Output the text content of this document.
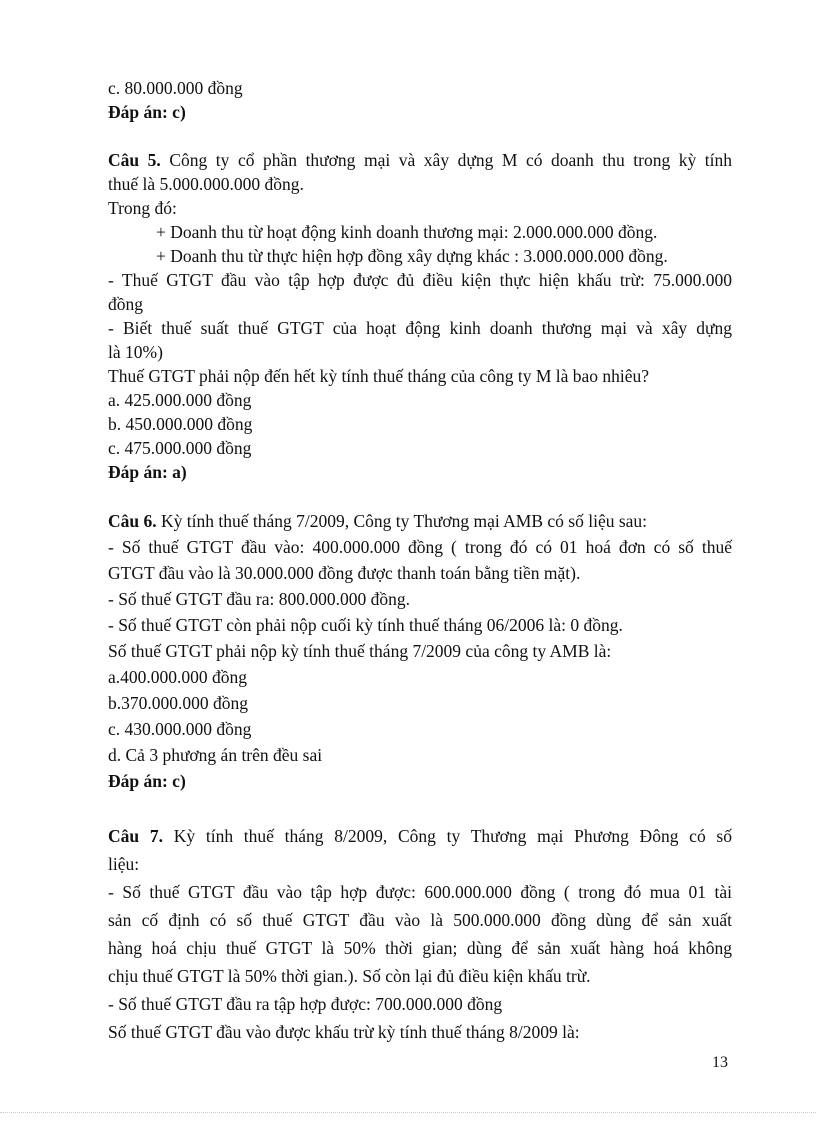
c. 80.000.000 đồng
Đáp án: c)
Câu 5. Công ty cổ phần thương mại và xây dựng M có doanh thu trong kỳ tính
thuế là 5.000.000.000 đồng.
Trong đó:
+ Doanh thu từ hoạt động kinh doanh thương mại: 2.000.000.000 đồng.
+ Doanh thu từ thực hiện hợp đồng xây dựng khác : 3.000.000.000 đồng.
- Thuế GTGT đầu vào tập hợp được đủ điều kiện thực hiện khấu trừ: 75.000.000
đồng
- Biết thuế suất thuế GTGT của hoạt động kinh doanh thương mại và xây dựng
là 10%)
Thuế GTGT phải nộp đến hết kỳ tính thuế tháng của công ty M là bao nhiêu?
a. 425.000.000 đồng
b. 450.000.000 đồng
c. 475.000.000 đồng
Đáp án: a)
Câu 6. Kỳ tính thuế tháng 7/2009, Công ty Thương mại AMB có số liệu sau:
- Số thuế GTGT đầu vào: 400.000.000 đồng ( trong đó có 01 hoá đơn có số thuế
GTGT đầu vào là 30.000.000 đồng được thanh toán bằng tiền mặt).
- Số thuế GTGT đầu ra: 800.000.000 đồng.
- Số thuế GTGT còn phải nộp cuối kỳ tính thuế tháng 06/2006 là: 0 đồng.
Số thuế GTGT phải nộp kỳ tính thuế tháng 7/2009 của công ty AMB là:
a.400.000.000 đồng
b.370.000.000 đồng
c. 430.000.000 đồng
d. Cả 3 phương án trên đều sai
Đáp án: c)
Câu 7. Kỳ tính thuế tháng 8/2009, Công ty Thương mại Phương Đông có số
liệu:
- Số thuế GTGT đầu vào tập hợp được: 600.000.000 đồng ( trong đó mua 01 tài
sản cố định có số thuế GTGT đầu vào là 500.000.000 đồng dùng để sản xuất
hàng hoá chịu thuế GTGT là 50% thời gian; dùng để sản xuất hàng hoá không
chịu thuế GTGT là 50% thời gian.). Số còn lại đủ điều kiện khấu trừ.
- Số thuế GTGT đầu ra tập hợp được: 700.000.000 đồng
Số thuế GTGT đầu vào được khấu trừ kỳ tính thuế tháng 8/2009 là:
13
